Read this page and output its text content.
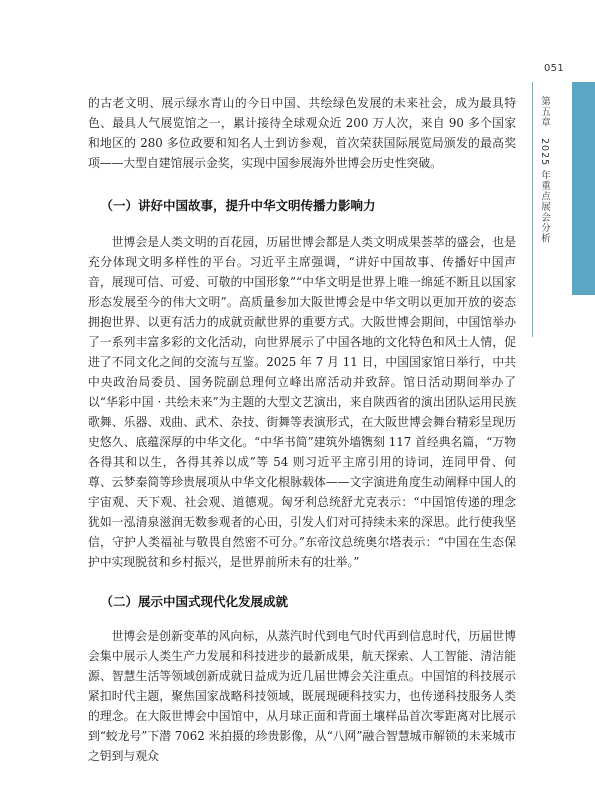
051
第五章　2025 年重点展会分析

的古老文明、展示绿水青山的今日中国、共绘绿色发展的未来社会，成为最具特色、最具人气展览馆之一，累计接待全球观众近 200 万人次，来自 90 多个国家和地区的 280 多位政要和知名人士到访参观，首次荣获国际展览局颁发的最高奖项——大型自建馆展示金奖，实现中国参展海外世博会历史性突破。

（一）讲好中国故事，提升中华文明传播力影响力

世博会是人类文明的百花园，历届世博会都是人类文明成果荟萃的盛会，也是充分体现文明多样性的平台。习近平主席强调，“讲好中国故事、传播好中国声音，展现可信、可爱、可敬的中国形象”“中华文明是世界上唯一绵延不断且以国家形态发展至今的伟大文明”。高质量参加大阪世博会是中华文明以更加开放的姿态拥抱世界、以更有活力的成就贡献世界的重要方式。大阪世博会期间，中国馆举办了一系列丰富多彩的文化活动，向世界展示了中国各地的文化特色和风土人情，促进了不同文化之间的交流与互鉴。2025 年 7 月 11 日，中国国家馆日举行，中共中央政治局委员、国务院副总理何立峰出席活动并致辞。馆日活动期间举办了以“华彩中国 · 共绘未来”为主题的大型文艺演出，来自陕西省的演出团队运用民族歌舞、乐器、戏曲、武术、杂技、街舞等表演形式，在大阪世博会舞台精彩呈现历史悠久、底蕴深厚的中华文化。“中华书简”建筑外墙镌刻 117 首经典名篇，“万物各得其和以生，各得其养以成”等 54 则习近平主席引用的诗词，连同甲骨、何尊、云梦秦简等珍贵展项从中华文化根脉载体——文字演进角度生动阐释中国人的宇宙观、天下观、社会观、道德观。匈牙利总统舒尤克表示：“中国馆传递的理念犹如一泓清泉滋润无数参观者的心田，引发人们对可持续未来的深思。此行使我坚信，守护人类福祉与敬畏自然密不可分。”东帝汶总统奥尔塔表示：“中国在生态保护中实现脱贫和乡村振兴，是世界前所未有的壮举。”

（二）展示中国式现代化发展成就

世博会是创新变革的风向标，从蒸汽时代到电气时代再到信息时代，历届世博会集中展示人类生产力发展和科技进步的最新成果，航天探索、人工智能、清洁能源、智慧生活等领域创新成就日益成为近几届世博会关注重点。中国馆的科技展示紧扣时代主题，聚焦国家战略科技领域，既展现硬科技实力，也传递科技服务人类的理念。在大阪世博会中国馆中，从月球正面和背面土壤样品首次零距离对比展示到“蛟龙号”下潜 7062 米拍摄的珍贵影像，从“八网”融合智慧城市解锁的未来城市之钥到与观众
